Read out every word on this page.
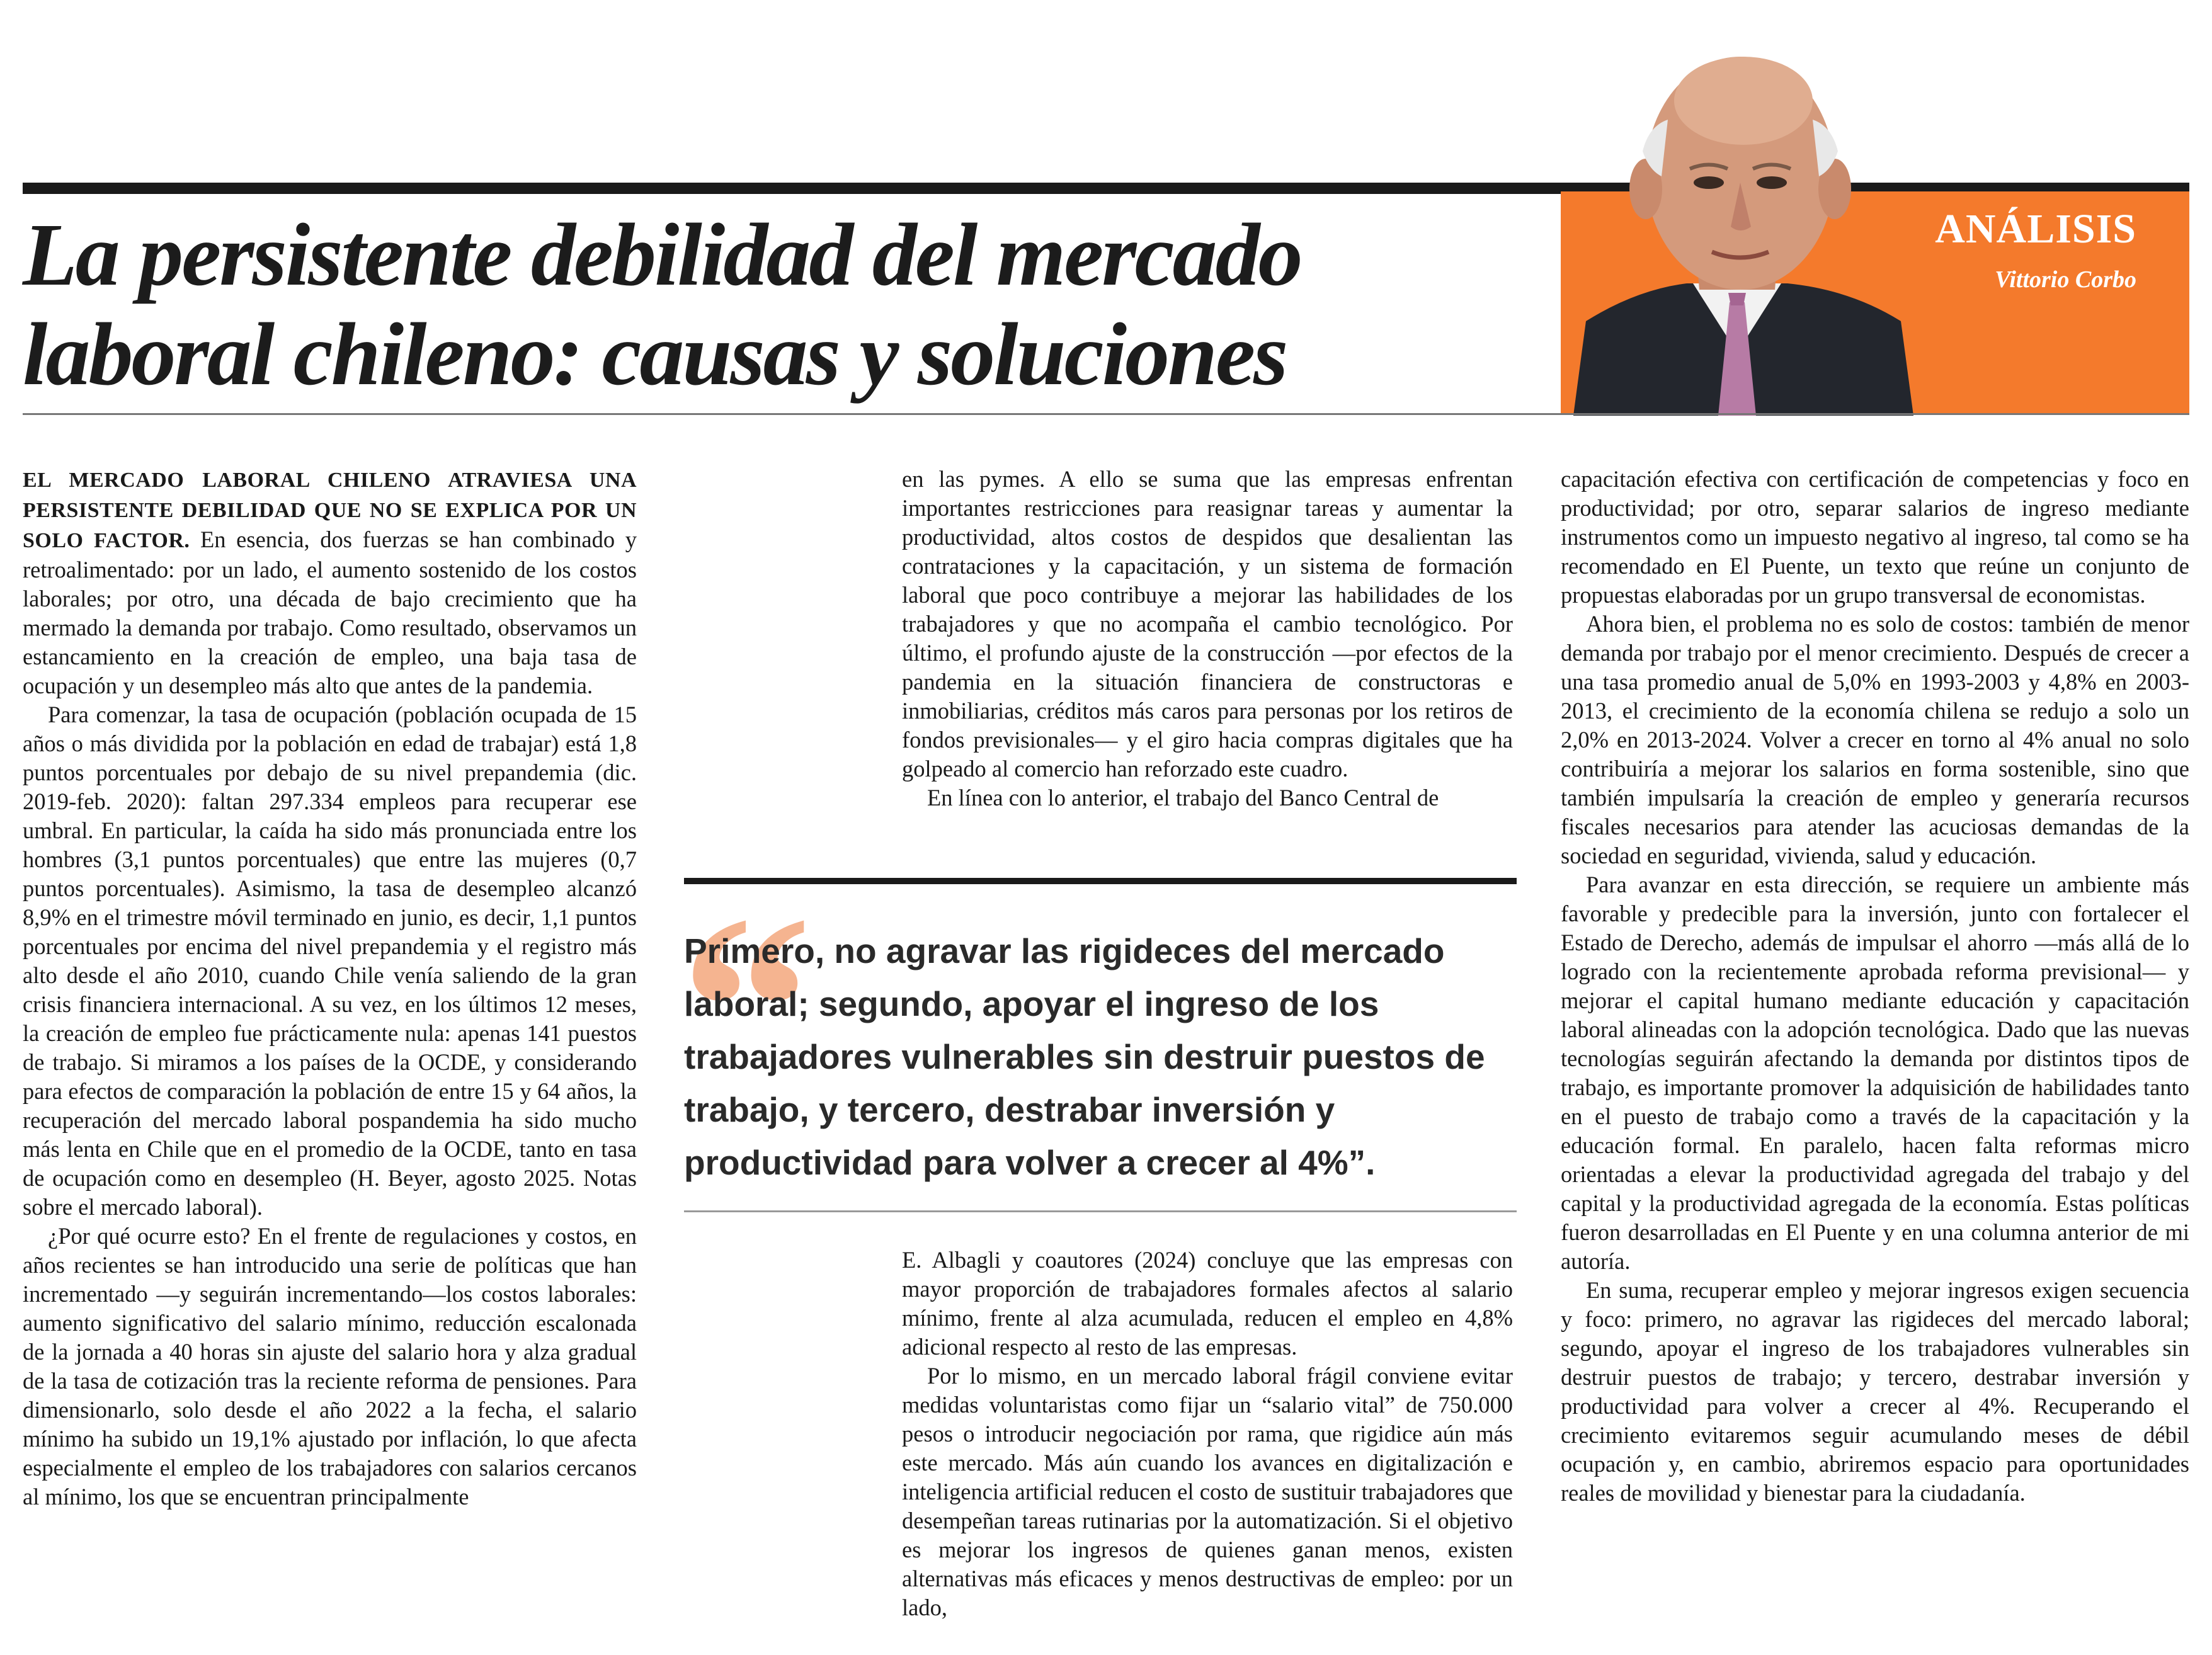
La persistente debilidad del mercado laboral chileno: causas y soluciones
ANÁLISIS
Vittorio Corbo

EL MERCADO LABORAL CHILENO ATRAVIESA UNA PERSISTENTE DEBILIDAD QUE NO SE EXPLICA POR UN SOLO FACTOR. En esencia, dos fuerzas se han combinado y retroalimentado: por un lado, el aumento sostenido de los costos laborales; por otro, una década de bajo crecimiento que ha mermado la demanda por trabajo. Como resultado, observamos un estancamiento en la creación de empleo, una baja tasa de ocupación y un desempleo más alto que antes de la pandemia.

Para comenzar, la tasa de ocupación (población ocupada de 15 años o más dividida por la población en edad de trabajar) está 1,8 puntos porcentuales por debajo de su nivel prepandemia (dic. 2019-feb. 2020): faltan 297.334 empleos para recuperar ese umbral. En particular, la caída ha sido más pronunciada entre los hombres (3,1 puntos porcentuales) que entre las mujeres (0,7 puntos porcentuales). Asimismo, la tasa de desempleo alcanzó 8,9% en el trimestre móvil terminado en junio, es decir, 1,1 puntos porcentuales por encima del nivel prepandemia y el registro más alto desde el año 2010, cuando Chile venía saliendo de la gran crisis financiera internacional. A su vez, en los últimos 12 meses, la creación de empleo fue prácticamente nula: apenas 141 puestos de trabajo. Si miramos a los países de la OCDE, y considerando para efectos de comparación la población de entre 15 y 64 años, la recuperación del mercado laboral pospandemia ha sido mucho más lenta en Chile que en el promedio de la OCDE, tanto en tasa de ocupación como en desempleo (H. Beyer, agosto 2025. Notas sobre el mercado laboral).

¿Por qué ocurre esto? En el frente de regulaciones y costos, en años recientes se han introducido una serie de políticas que han incrementado —y seguirán incrementando—los costos laborales: aumento significativo del salario mínimo, reducción escalonada de la jornada a 40 horas sin ajuste del salario hora y alza gradual de la tasa de cotización tras la reciente reforma de pensiones. Para dimensionarlo, solo desde el año 2022 a la fecha, el salario mínimo ha subido un 19,1% ajustado por inflación, lo que afecta especialmente el empleo de los trabajadores con salarios cercanos al mínimo, los que se encuentran principalmente

en las pymes. A ello se suma que las empresas enfrentan importantes restricciones para reasignar tareas y aumentar la productividad, altos costos de despidos que desalientan las contrataciones y la capacitación, y un sistema de formación laboral que poco contribuye a mejorar las habilidades de los trabajadores y que no acompaña el cambio tecnológico. Por último, el profundo ajuste de la construcción —por efectos de la pandemia en la situación financiera de constructoras e inmobiliarias, créditos más caros para personas por los retiros de fondos previsionales— y el giro hacia compras digitales que ha golpeado al comercio han reforzado este cuadro.

En línea con lo anterior, el trabajo del Banco Central de

“

Primero, no agravar las rigideces del mercado laboral; segundo, apoyar el ingreso de los trabajadores vulnerables sin destruir puestos de trabajo, y tercero, destrabar inversión y productividad para volver a crecer al 4%”.

E. Albagli y coautores (2024) concluye que las empresas con mayor proporción de trabajadores formales afectos al salario mínimo, frente al alza acumulada, reducen el empleo en 4,8% adicional respecto al resto de las empresas.

Por lo mismo, en un mercado laboral frágil conviene evitar medidas voluntaristas como fijar un “salario vital” de 750.000 pesos o introducir negociación por rama, que rigidice aún más este mercado. Más aún cuando los avances en digitalización e inteligencia artificial reducen el costo de sustituir trabajadores que desempeñan tareas rutinarias por la automatización. Si el objetivo es mejorar los ingresos de quienes ganan menos, existen alternativas más eficaces y menos destructivas de empleo: por un lado,

capacitación efectiva con certificación de competencias y foco en productividad; por otro, separar salarios de ingreso mediante instrumentos como un impuesto negativo al ingreso, tal como se ha recomendado en El Puente, un texto que reúne un conjunto de propuestas elaboradas por un grupo transversal de economistas.

Ahora bien, el problema no es solo de costos: también de menor demanda por trabajo por el menor crecimiento. Después de crecer a una tasa promedio anual de 5,0% en 1993-2003 y 4,8% en 2003-2013, el crecimiento de la economía chilena se redujo a solo un 2,0% en 2013-2024. Volver a crecer en torno al 4% anual no solo contribuiría a mejorar los salarios en forma sostenible, sino que también impulsaría la creación de empleo y generaría recursos fiscales necesarios para atender las acuciosas demandas de la sociedad en seguridad, vivienda, salud y educación.

Para avanzar en esta dirección, se requiere un ambiente más favorable y predecible para la inversión, junto con fortalecer el Estado de Derecho, además de impulsar el ahorro —más allá de lo logrado con la recientemente aprobada reforma previsional— y mejorar el capital humano mediante educación y capacitación laboral alineadas con la adopción tecnológica. Dado que las nuevas tecnologías seguirán afectando la demanda por distintos tipos de trabajo, es importante promover la adquisición de habilidades tanto en el puesto de trabajo como a través de la capacitación y la educación formal. En paralelo, hacen falta reformas micro orientadas a elevar la productividad agregada del trabajo y del capital y la productividad agregada de la economía. Estas políticas fueron desarrolladas en El Puente y en una columna anterior de mi autoría.

En suma, recuperar empleo y mejorar ingresos exigen secuencia y foco: primero, no agravar las rigideces del mercado laboral; segundo, apoyar el ingreso de los trabajadores vulnerables sin destruir puestos de trabajo; y tercero, destrabar inversión y productividad para volver a crecer al 4%. Recuperando el crecimiento evitaremos seguir acumulando meses de débil ocupación y, en cambio, abriremos espacio para oportunidades reales de movilidad y bienestar para la ciudadanía.
